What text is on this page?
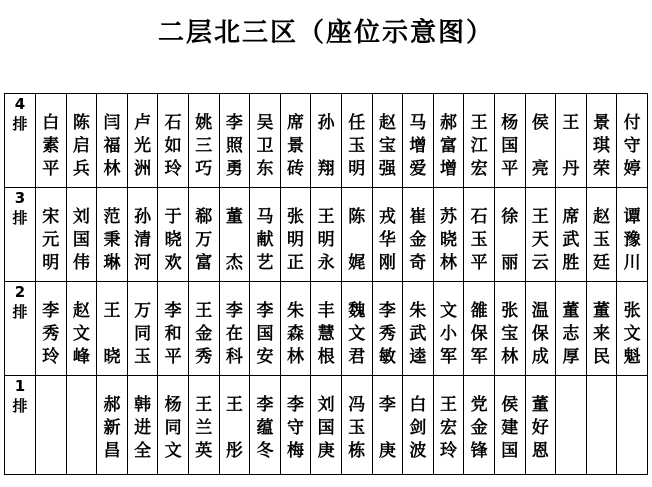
二层北三区（座位示意图）
4
排	白
素
平	陈
启
兵	闫
福
林	卢
光
洲	石
如
玲	姚
三
巧	李
照
勇	吴
卫
东	席
景
砖	孙
翔	任
玉
明	赵
宝
强	马
增
爱	郝
富
增	王
江
宏	杨
国
平	侯
亮	王
丹	景
琪
荣	付
守
婷

3
排	宋
元
明	刘
国
伟	范
秉
琳	孙
清
河	于
晓
欢	郗
万
富	董
杰	马
献
艺	张
明
正	王
明
永	陈
娓	戎
华
刚	崔
金
奇	苏
晓
林	石
玉
平	徐
丽	王
天
云	席
武
胜	赵
玉
廷	谭
豫
川

2
排	李
秀
玲	赵
文
峰	王
晓	万
同
玉	李
和
平	王
金
秀	李
在
科	李
国
安	朱
森
林	丰
慧
根	魏
文
君	李
秀
敏	朱
武
逵	文
小
军	雒
保
军	张
宝
林	温
保
成	董
志
厚	董
来
民	张
文
魁

1
排			郝
新
昌	韩
进
全	杨
同
文	王
兰
英	王
彤	李
蕴
冬	李
守
梅	刘
国
庚	冯
玉
栋	李
庚	白
剑
波	王
宏
玲	党
金
锋	侯
建
国	董
好
恩			
